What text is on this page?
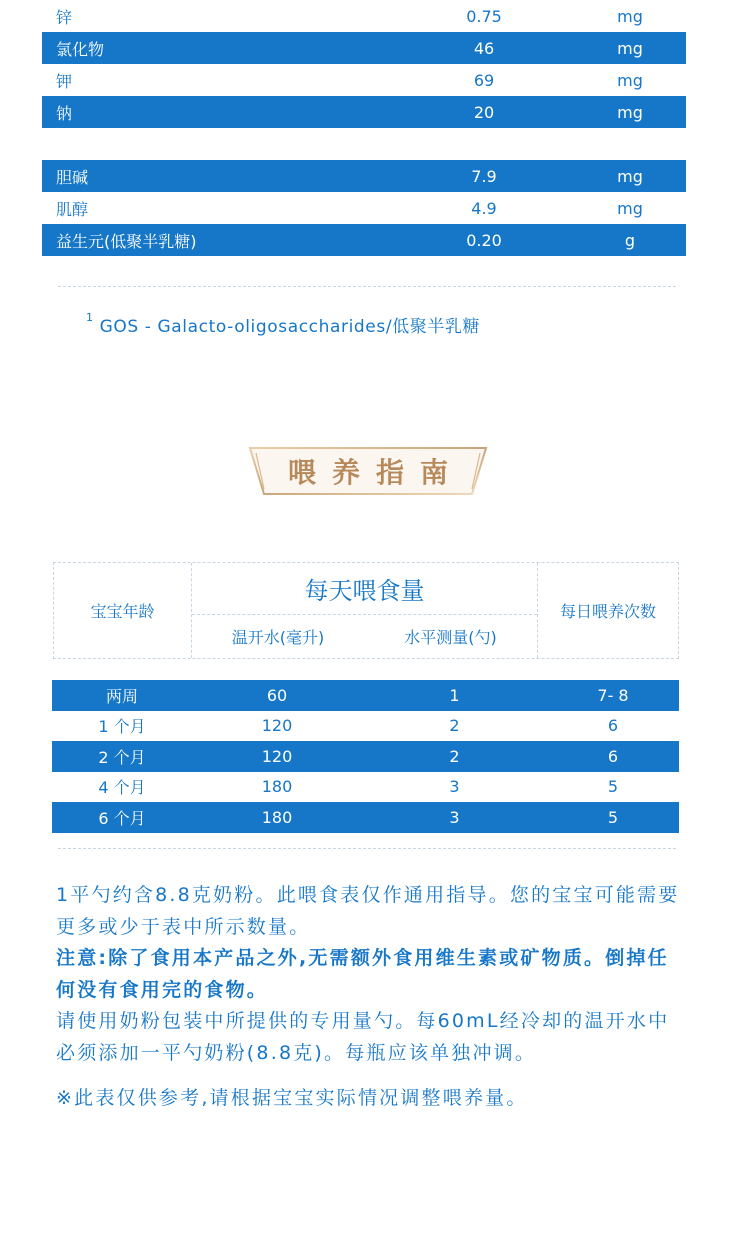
锌	0.75	mg
氯化物	46	mg
钾	69	mg
钠	20	mg
胆碱	7.9	mg
肌醇	4.9	mg
益生元(低聚半乳糖)	0.20	g
$^1$ GOS - Galacto-oligosaccharides/低聚半乳糖
喂养指南
宝宝年龄
每天喂食量
温开水(毫升)	水平测量(勺)
每日喂养次数
两周	60	1	7- 8
1 个月	120	2	6
2 个月	120	2	6
4 个月	180	3	5
6 个月	180	3	5

1平勺约含8.8克奶粉。此喂食表仅作通用指导。您的宝宝可能需要更多或少于表中所示数量。

注意:除了食用本产品之外,无需额外食用维生素或矿物质。倒掉任何没有食用完的食物。

请使用奶粉包装中所提供的专用量勺。每60mL经冷却的温开水中必须添加一平勺奶粉(8.8克)。每瓶应该单独冲调。

※此表仅供参考,请根据宝宝实际情况调整喂养量。
